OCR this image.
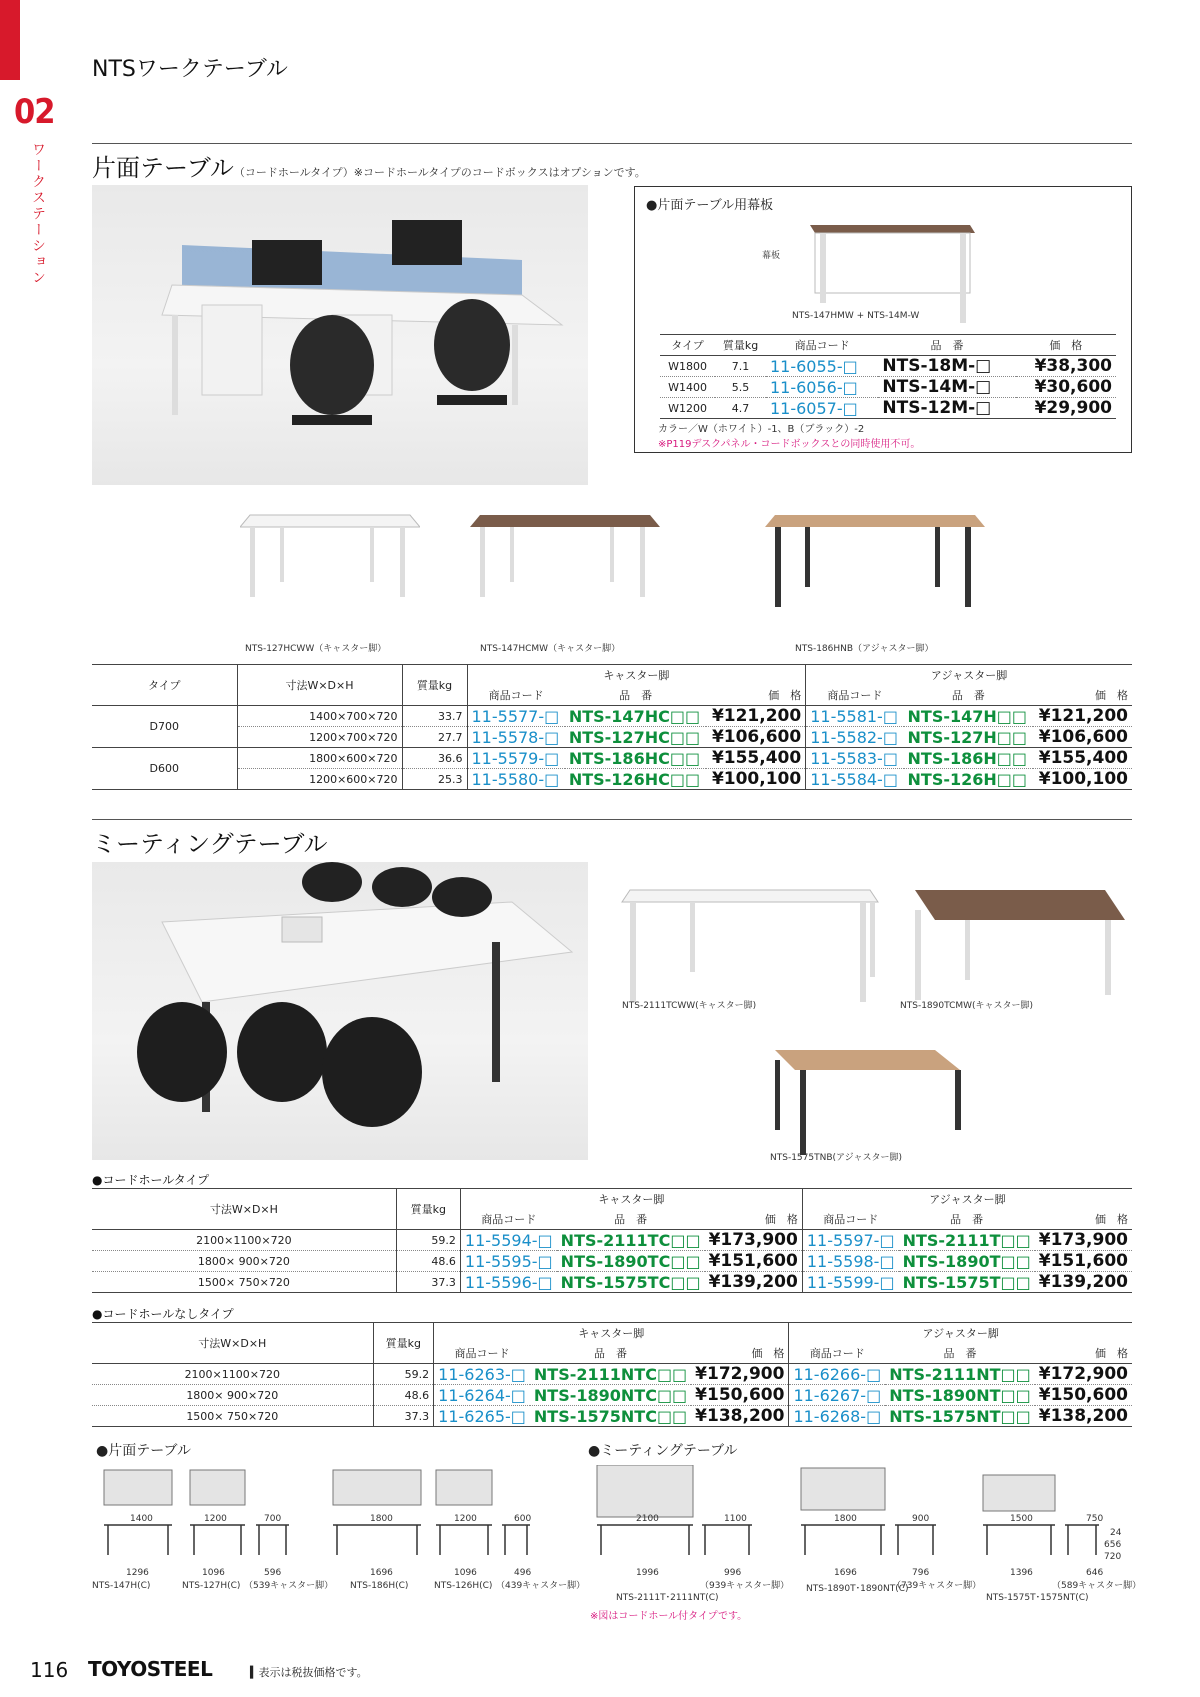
02
ワークステーション
NTSワークテーブル
片面テーブル（コードホールタイプ）※コードホールタイプのコードボックスはオプションです。
●片面テーブル用幕板
幕板
NTS-147HMW + NTS-14M-W
タイプ	質量kg	商品コード	品　番	価　格
W1800	7.1	11-6055-□	NTS-18M-□	¥38,300
W1400	5.5	11-6056-□	NTS-14M-□	¥30,600
W1200	4.7	11-6057-□	NTS-12M-□	¥29,900
カラー／W（ホワイト）-1、B（ブラック）-2
※P119デスクパネル・コードボックスとの同時使用不可。
NTS-127HCWW（キャスター脚）	NTS-147HCMW（キャスター脚）	NTS-186HNB（アジャスター脚）
タイプ	寸法W×D×H	質量kg	キャスター脚			アジャスター脚		
			商品コード	品　番	価　格	商品コード	品　番	価　格
D700	1400×700×720	33.7	11-5577-□	NTS-147HC□□	¥121,200	11-5581-□	NTS-147H□□	¥121,200
	1200×700×720	27.7	11-5578-□	NTS-127HC□□	¥106,600	11-5582-□	NTS-127H□□	¥106,600
D600	1800×600×720	36.6	11-5579-□	NTS-186HC□□	¥155,400	11-5583-□	NTS-186H□□	¥155,400
	1200×600×720	25.3	11-5580-□	NTS-126HC□□	¥100,100	11-5584-□	NTS-126H□□	¥100,100
ミーティングテーブル
NTS-2111TCWW(キャスター脚)	NTS-1890TCMW(キャスター脚)
NTS-1575TNB(アジャスター脚)
●コードホールタイプ
寸法W×D×H	質量kg	キャスター脚			アジャスター脚		
		商品コード	品　番	価　格	商品コード	品　番	価　格
2100×1100×720	59.2	11-5594-□	NTS-2111TC□□	¥173,900	11-5597-□	NTS-2111T□□	¥173,900
1800× 900×720	48.6	11-5595-□	NTS-1890TC□□	¥151,600	11-5598-□	NTS-1890T□□	¥151,600
1500× 750×720	37.3	11-5596-□	NTS-1575TC□□	¥139,200	11-5599-□	NTS-1575T□□	¥139,200
●コードホールなしタイプ
寸法W×D×H	質量kg	キャスター脚			アジャスター脚		
		商品コード	品　番	価　格	商品コード	品　番	価　格
2100×1100×720	59.2	11-6263-□	NTS-2111NTC□□	¥172,900	11-6266-□	NTS-2111NT□□	¥172,900
1800× 900×720	48.6	11-6264-□	NTS-1890NTC□□	¥150,600	11-6267-□	NTS-1890NT□□	¥150,600
1500× 750×720	37.3	11-6265-□	NTS-1575NTC□□	¥138,200	11-6268-□	NTS-1575NT□□	¥138,200
●片面テーブル	●ミーティングテーブル
1400
1296
NTS-147H(C)
1200
1096
NTS-127H(C)
700
596
（539キャスター脚）
1800
1696
NTS-186H(C)
1200
1096
NTS-126H(C)
600
496
（439キャスター脚）
2100
1996
NTS-2111T･2111NT(C)
1100
996
（939キャスター脚）
1800
1696
NTS-1890T･1890NT(C)
900
796
（739キャスター脚）
1500
1396
NTS-1575T･1575NT(C)
750
646
（589キャスター脚）
24
656
720
※図はコードホール付タイプです。
116 TOYOSTEEL	▍表示は税抜価格です。
